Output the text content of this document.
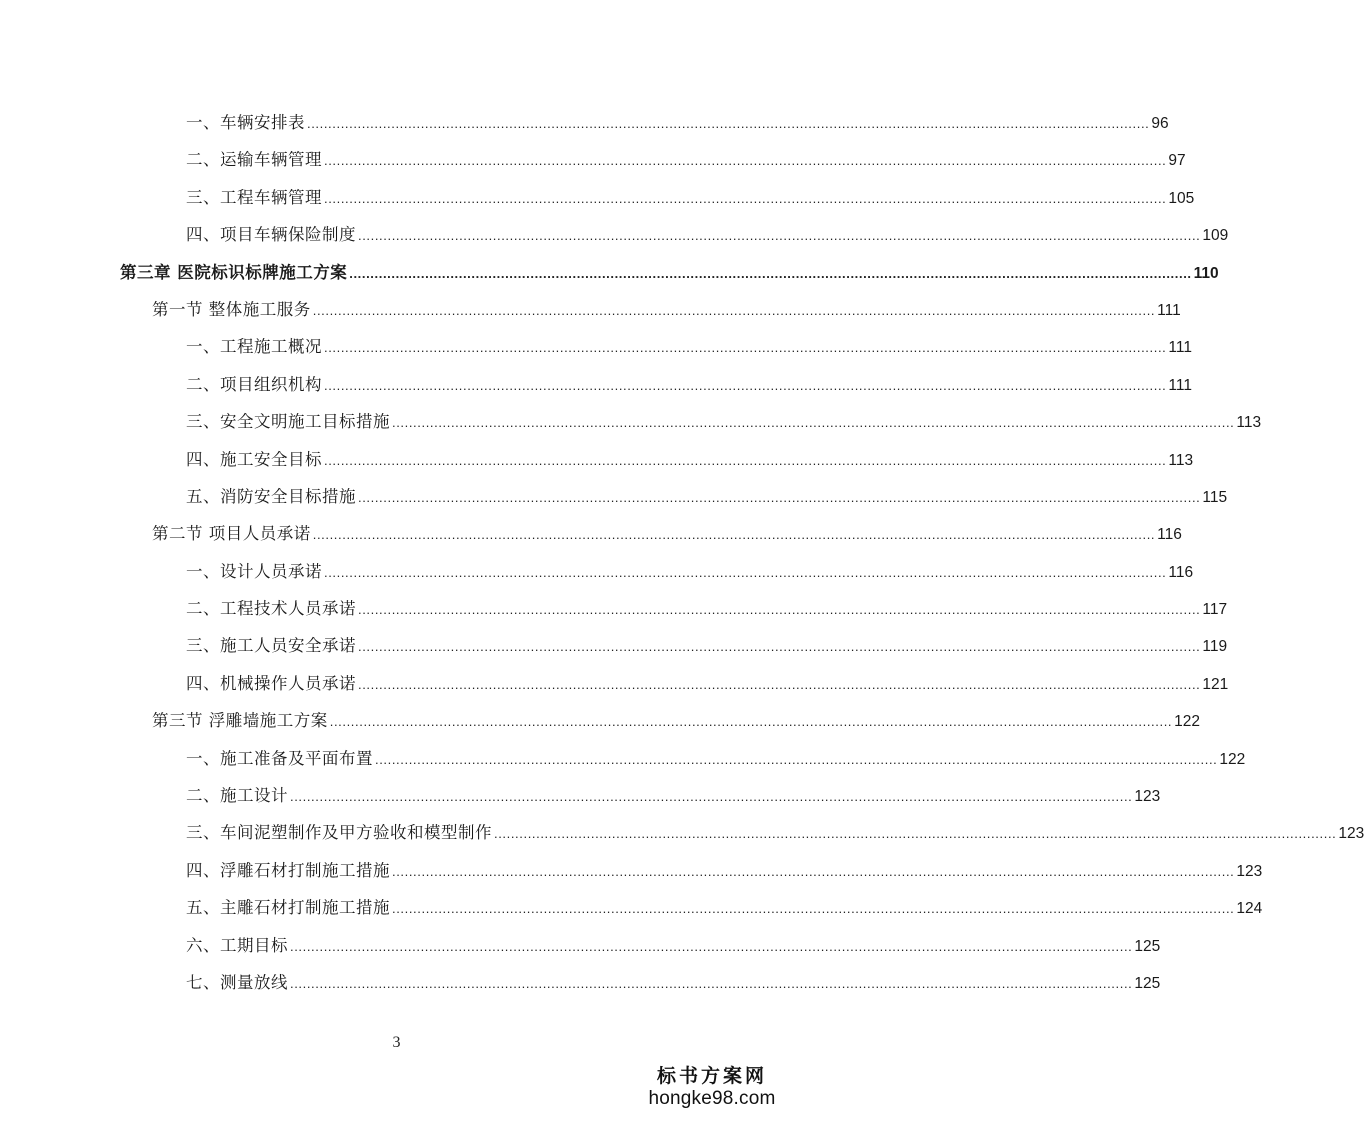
一、车辆安排表 ........................................................................................................................................................................................................ 96
二、运输车辆管理 ........................................................................................................................................................................................................ 97
三、工程车辆管理 ........................................................................................................................................................................................................ 105
四、项目车辆保险制度 ........................................................................................................................................................................................................ 109
第三章 医院标识标牌施工方案 ........................................................................................................................................................................................................ 110
第一节 整体施工服务 ........................................................................................................................................................................................................ 111
一、工程施工概况 ........................................................................................................................................................................................................ 111
二、项目组织机构 ........................................................................................................................................................................................................ 111
三、安全文明施工目标措施 ........................................................................................................................................................................................................ 113
四、施工安全目标 ........................................................................................................................................................................................................ 113
五、消防安全目标措施 ........................................................................................................................................................................................................ 115
第二节 项目人员承诺 ........................................................................................................................................................................................................ 116
一、设计人员承诺 ........................................................................................................................................................................................................ 116
二、工程技术人员承诺 ........................................................................................................................................................................................................ 117
三、施工人员安全承诺 ........................................................................................................................................................................................................ 119
四、机械操作人员承诺 ........................................................................................................................................................................................................ 121
第三节 浮雕墙施工方案 ........................................................................................................................................................................................................ 122
一、施工准备及平面布置 ........................................................................................................................................................................................................ 122
二、施工设计 ........................................................................................................................................................................................................ 123
三、车间泥塑制作及甲方验收和模型制作 ........................................................................................................................................................................................................ 123
四、浮雕石材打制施工措施 ........................................................................................................................................................................................................ 123
五、主雕石材打制施工措施 ........................................................................................................................................................................................................ 124
六、工期目标 ........................................................................................................................................................................................................ 125
七、测量放线 ........................................................................................................................................................................................................ 125
3
标书方案网
hongke98.com
